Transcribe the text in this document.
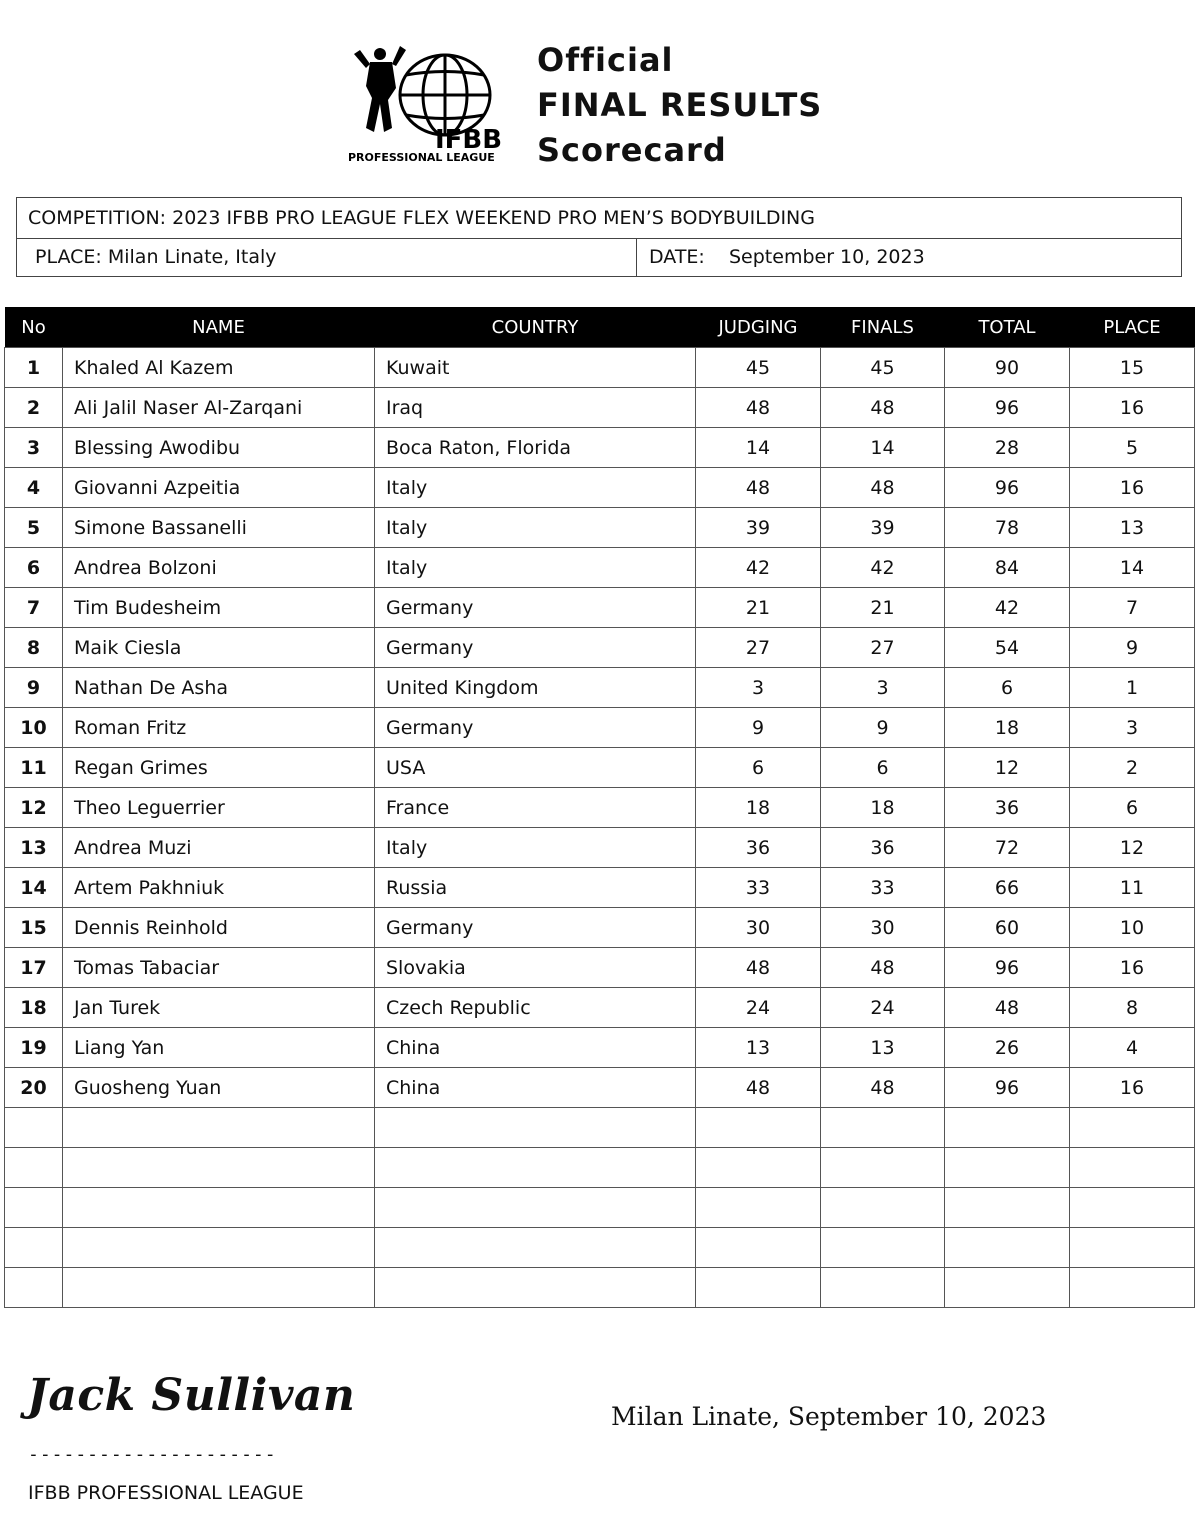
IFBB
PROFESSIONAL LEAGUE
Official
FINAL RESULTS
Scorecard
COMPETITION: 2023 IFBB PRO LEAGUE FLEX WEEKEND PRO MEN’S BODYBUILDING
PLACE: Milan Linate, Italy	DATE: September 10, 2023
No	NAME	COUNTRY	JUDGING	FINALS	TOTAL	PLACE
1	Khaled Al Kazem	Kuwait	45	45	90	15
2	Ali Jalil Naser Al-Zarqani	Iraq	48	48	96	16
3	Blessing Awodibu	Boca Raton, Florida	14	14	28	5
4	Giovanni Azpeitia	Italy	48	48	96	16
5	Simone Bassanelli	Italy	39	39	78	13
6	Andrea Bolzoni	Italy	42	42	84	14
7	Tim Budesheim	Germany	21	21	42	7
8	Maik Ciesla	Germany	27	27	54	9
9	Nathan De Asha	United Kingdom	3	3	6	1
10	Roman Fritz	Germany	9	9	18	3
11	Regan Grimes	USA	6	6	12	2
12	Theo Leguerrier	France	18	18	36	6
13	Andrea Muzi	Italy	36	36	72	12
14	Artem Pakhniuk	Russia	33	33	66	11
15	Dennis Reinhold	Germany	30	30	60	10
17	Tomas Tabaciar	Slovakia	48	48	96	16
18	Jan Turek	Czech Republic	24	24	48	8
19	Liang Yan	China	13	13	26	4
20	Guosheng Yuan	China	48	48	96	16

Jack Sullivan
---------------------
IFBB PROFESSIONAL LEAGUE
Milan Linate, September 10, 2023
